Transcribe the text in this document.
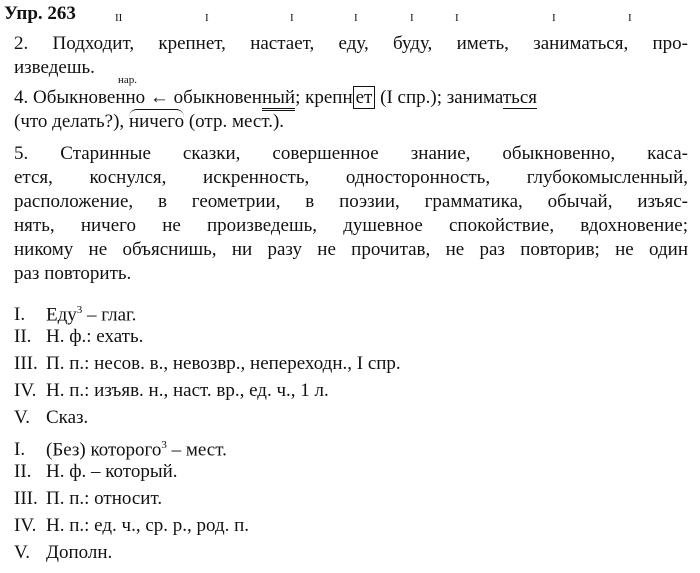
Упр. 263	II	I	I	I	I	I	I	I
2. Подходит, крепнет, настает, еду, буду, иметь, заниматься, про-
изведешь.
нар.
4. Обыкновенно ← обыкновенный; крепн ет (I спр.); заниматься
(что делать?), ничего (отр. мест.).
5. Старинные сказки, совершенное знание, обыкновенно, каса-
ется, коснулся, искренность, односторонность, глубокомысленный,
расположение, в геометрии, в поэзии, грамматика, обычай, изъяс-
нять, ничего не произведешь, душевное спокойствие, вдохновение;
никому не объяснишь, ни разу не прочитав, не раз повторив; не один
раз повторить.
I. Еду$^3$ – глаг.
II. Н. ф.: ехать.
III. П. п.: несов. в., невозвр., непереходн., I спр.
IV. Н. п.: изъяв. н., наст. вр., ед. ч., 1 л.
V. Сказ.
I. (Без) которого$^3$ – мест.
II. Н. ф. – который.
III. П. п.: относит.
IV. Н. п.: ед. ч., ср. р., род. п.
V. Дополн.
